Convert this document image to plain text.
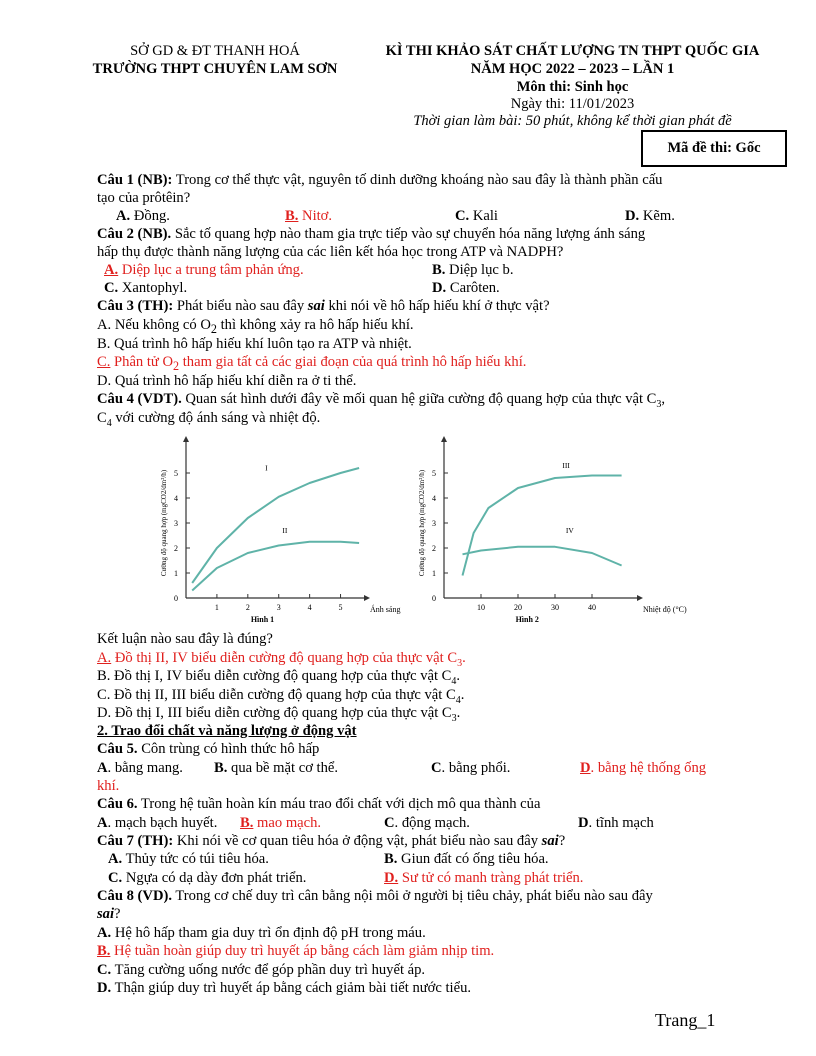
SỞ GD & ĐT THANH HOÁ
TRƯỜNG THPT CHUYÊN LAM SƠN
KÌ THI KHẢO SÁT CHẤT LƯỢNG TN THPT QUỐC GIA
NĂM HỌC 2022 – 2023 – LẦN 1
Môn thi: Sinh học
Ngày thi: 11/01/2023
Thời gian làm bài: 50 phút, không kể thời gian phát đề
Mã đề thi: Gốc
Câu 1 (NB): Trong cơ thể thực vật, nguyên tố dinh dưỡng khoáng nào sau đây là thành phần cấu
tạo của prôtêin?
A. Đồng.	B. Nitơ.	C. Kali	D. Kẽm.
Câu 2 (NB). Sắc tố quang hợp nào tham gia trực tiếp vào sự chuyển hóa năng lượng ánh sáng
hấp thụ được thành năng lượng của các liên kết hóa học trong ATP và NADPH?
A. Diệp lục a trung tâm phản ứng.	B. Diệp lục b.
C. Xantophyl.	D. Carôten.
Câu 3 (TH): Phát biểu nào sau đây sai khi nói về hô hấp hiếu khí ở thực vật?
A. Nếu không có $O_2$ thì không xảy ra hô hấp hiếu khí.
B. Quá trình hô hấp hiếu khí luôn tạo ra ATP và nhiệt.
C. Phân tử $O_2$ tham gia tất cả các giai đoạn của quá trình hô hấp hiếu khí.
D. Quá trình hô hấp hiếu khí diễn ra ở ti thể.
Câu 4 (VDT). Quan sát hình dưới đây về mối quan hệ giữa cường độ quang hợp của thực vật $C_3$,
$C_4$ với cường độ ánh sáng và nhiệt độ.
0
1
2
3
4
5
1	2	3	4	5	Ánh sáng
Cường độ quang hợp (mgCO2/dm²/h)
Hình 1
I
II
0
1
2
3
4
5
10	20	30	40	Nhiệt độ (°C)
Cường độ quang hợp (mgCO2/dm²/h)
Hình 2
III
IV
Kết luận nào sau đây là đúng?
A. Đồ thị II, IV biểu diễn cường độ quang hợp của thực vật $C_3$.
B. Đồ thị I, IV biểu diễn cường độ quang hợp của thực vật $C_4$.
C. Đồ thị II, III biểu diễn cường độ quang hợp của thực vật $C_4$.
D. Đồ thị I, III biểu diễn cường độ quang hợp của thực vật $C_3$.
2. Trao đổi chất và năng lượng ở động vật
Câu 5. Côn trùng có hình thức hô hấp
A. bằng mang. B. qua bề mặt cơ thể.	C. bằng phổi.	D. bằng hệ thống ống
khí.
Câu 6. Trong hệ tuần hoàn kín máu trao đổi chất với dịch mô qua thành của
A. mạch bạch huyết. B. mao mạch.	C. động mạch.	D. tĩnh mạch
Câu 7 (TH): Khi nói về cơ quan tiêu hóa ở động vật, phát biểu nào sau đây sai?
A. Thủy tức có túi tiêu hóa.	B. Giun đất có ống tiêu hóa.
C. Ngựa có dạ dày đơn phát triển.	D. Sư tử có manh tràng phát triển.
Câu 8 (VD). Trong cơ chế duy trì cân bằng nội môi ở người bị tiêu chảy, phát biểu nào sau đây
sai?
A. Hệ hô hấp tham gia duy trì ổn định độ pH trong máu.
B. Hệ tuần hoàn giúp duy trì huyết áp bằng cách làm giảm nhịp tim.
C. Tăng cường uống nước để góp phần duy trì huyết áp.
D. Thận giúp duy trì huyết áp bằng cách giảm bài tiết nước tiểu.
Trang_1
